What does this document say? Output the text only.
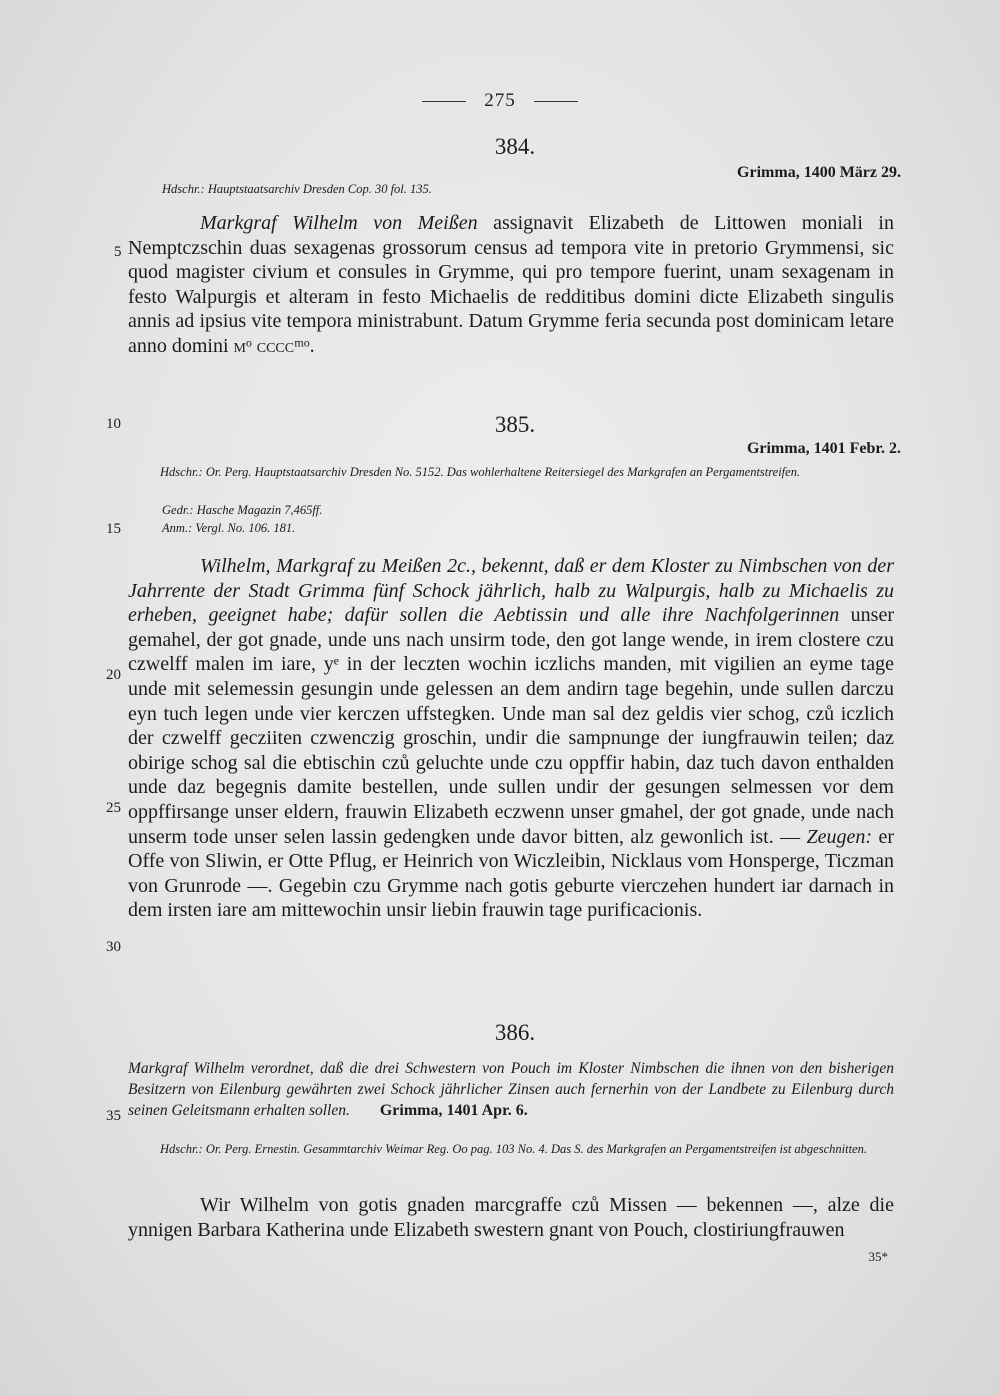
275
384.
Grimma, 1400 März 29.
Hdschr.: Hauptstaatsarchiv Dresden Cop. 30 fol. 135.
Markgraf Wilhelm von Meißen assignavit Elizabeth de Littowen moniali in Nemptczschin duas sexagenas grossorum census ad tempora vite in pretorio Grymmensi, sic quod magister civium et consules in Grymme, qui pro tempore fuerint, unam sexagenam in festo Walpurgis et alteram in festo Michaelis de redditibus domini dicte Elizabeth singulis annis ad ipsius vite tempora ministrabunt. Datum Grymme feria secunda post dominicam letare anno domini mᵒ ccccᵐᵒ.
385.
Grimma, 1401 Febr. 2.
Hdschr.: Or. Perg. Hauptstaatsarchiv Dresden No. 5152. Das wohlerhaltene Reitersiegel des Markgrafen an Pergamentstreifen.
Gedr.: Hasche Magazin 7,465ff.
Anm.: Vergl. No. 106. 181.
Wilhelm, Markgraf zu Meißen 2c., bekennt, daß er dem Kloster zu Nimbschen von der Jahrrente der Stadt Grimma fünf Schock jährlich, halb zu Walpurgis, halb zu Michaelis zu erheben, geeignet habe; dafür sollen die Aebtissin und alle ihre Nachfolgerinnen unser gemahel, der got gnade, unde uns nach unsirm tode, den got lange wende, in irem clostere czu czwelff malen im iare, yᵉ in der leczten wochin iczlichs manden, mit vigilien an eyme tage unde mit selemessin gesungin unde gelessen an dem andirn tage begehin, unde sullen darczu eyn tuch legen unde vier kerczen uffstegken. Unde man sal dez geldis vier schog, czů iczlich der czwelff gecziiten czwenczig groschin, undir die sampnunge der iungfrauwin teilen; daz obirige schog sal die ebtischin czů geluchte unde czu oppffir habin, daz tuch davon enthalden unde daz begegnis damite bestellen, unde sullen undir der gesungen selmessen vor dem oppffirsange unser eldern, frauwin Elizabeth eczwenn unser gmahel, der got gnade, unde nach unserm tode unser selen lassin gedengken unde davor bitten, alz gewonlich ist. — Zeugen: er Offe von Sliwin, er Otte Pflug, er Heinrich von Wiczleibin, Nicklaus vom Honsperge, Ticzman von Grunrode —. Gegebin czu Grymme nach gotis geburte vierczehen hundert iar darnach in dem irsten iare am mittewochin unsir liebin frauwin tage purificacionis.
386.
Markgraf Wilhelm verordnet, daß die drei Schwestern von Pouch im Kloster Nimbschen die ihnen von den bisherigen Besitzern von Eilenburg gewährten zwei Schock jährlicher Zinsen auch fernerhin von der Landbete zu Eilenburg durch seinen Geleitsmann erhalten sollen. Grimma, 1401 Apr. 6.
Hdschr.: Or. Perg. Ernestin. Gesammtarchiv Weimar Reg. Oo pag. 103 No. 4. Das S. des Markgrafen an Pergamentstreifen ist abgeschnitten.
Wir Wilhelm von gotis gnaden marcgraffe czů Missen — bekennen —, alze die ynnigen Barbara Katherina unde Elizabeth swestern gnant von Pouch, clostiriungfrauwen
5
10
15
20
25
30
35
35*
